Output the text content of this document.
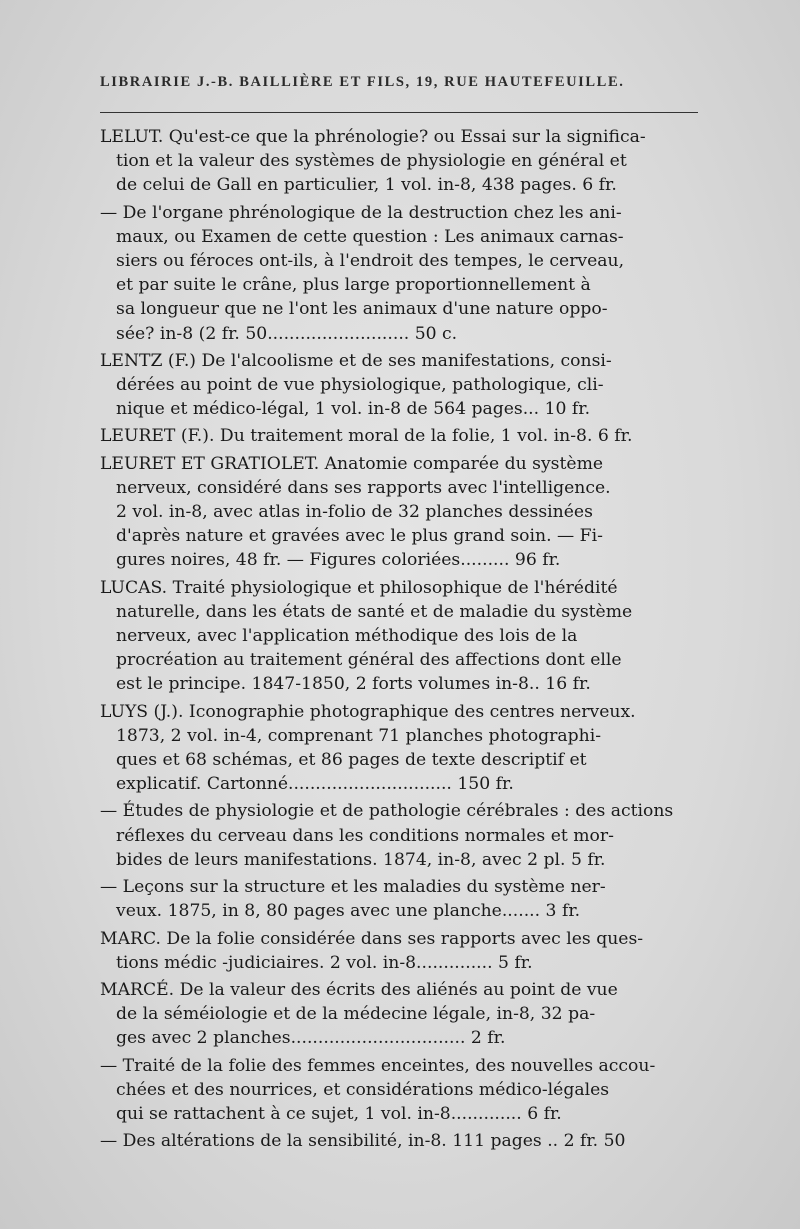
LIBRAIRIE J.-B. BAILLIÈRE ET FILS, 19, RUE HAUTEFEUILLE.
LELUT. Qu'est-ce que la phrénologie? ou Essai sur la significa-
tion et la valeur des systèmes de physiologie en général et
de celui de Gall en particulier, 1 vol. in-8, 438 pages. 6 fr.
— De l'organe phrénologique de la destruction chez les ani-
maux, ou Examen de cette question : Les animaux carnas-
siers ou féroces ont-ils, à l'endroit des tempes, le cerveau,
et par suite le crâne, plus large proportionnellement à
sa longueur que ne l'ont les animaux d'une nature oppo-
sée? in-8 (2 fr. 50.......................... 50 c.
LENTZ (F.) De l'alcoolisme et de ses manifestations, consi-
dérées au point de vue physiologique, pathologique, cli-
nique et médico-légal, 1 vol. in-8 de 564 pages... 10 fr.
LEURET (F.). Du traitement moral de la folie, 1 vol. in-8. 6 fr.
LEURET ET GRATIOLET. Anatomie comparée du système
nerveux, considéré dans ses rapports avec l'intelligence.
2 vol. in-8, avec atlas in-folio de 32 planches dessinées
d'après nature et gravées avec le plus grand soin. — Fi-
gures noires, 48 fr. — Figures coloriées......... 96 fr.
LUCAS. Traité physiologique et philosophique de l'hérédité
naturelle, dans les états de santé et de maladie du système
nerveux, avec l'application méthodique des lois de la
procréation au traitement général des affections dont elle
est le principe. 1847-1850, 2 forts volumes in-8.. 16 fr.
LUYS (J.). Iconographie photographique des centres nerveux.
1873, 2 vol. in-4, comprenant 71 planches photographi-
ques et 68 schémas, et 86 pages de texte descriptif et
explicatif. Cartonné.............................. 150 fr.
— Études de physiologie et de pathologie cérébrales : des actions
réflexes du cerveau dans les conditions normales et mor-
bides de leurs manifestations. 1874, in-8, avec 2 pl. 5 fr.
— Leçons sur la structure et les maladies du système ner-
veux. 1875, in 8, 80 pages avec une planche....... 3 fr.
MARC. De la folie considérée dans ses rapports avec les ques-
tions médic -judiciaires. 2 vol. in-8.............. 5 fr.
MARCÉ. De la valeur des écrits des aliénés au point de vue
de la séméiologie et de la médecine légale, in-8, 32 pa-
ges avec 2 planches................................ 2 fr.
— Traité de la folie des femmes enceintes, des nouvelles accou-
chées et des nourrices, et considérations médico-légales
qui se rattachent à ce sujet, 1 vol. in-8............. 6 fr.
— Des altérations de la sensibilité, in-8. 111 pages .. 2 fr. 50
